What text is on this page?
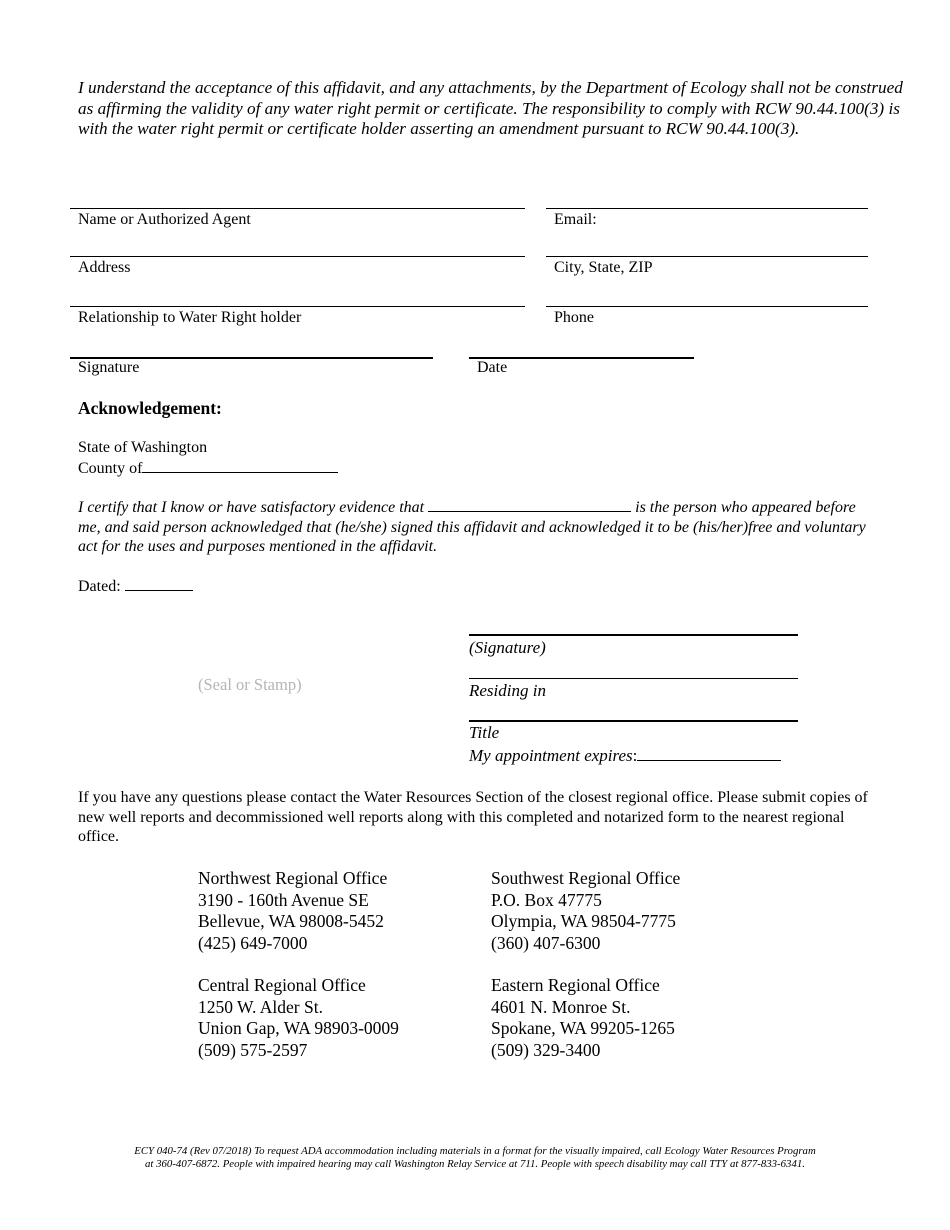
I understand the acceptance of this affidavit, and any attachments, by the Department of Ecology shall not be construed as affirming the validity of any water right permit or certificate. The responsibility to comply with RCW 90.44.100(3) is with the water right permit or certificate holder asserting an amendment pursuant to RCW 90.44.100(3).
Name or Authorized Agent	Email:
Address	City, State, ZIP
Relationship to Water Right holder	Phone
Signature	Date
Acknowledgement:
State of Washington
County of
I certify that I know or have satisfactory evidence that	is the person who appeared before me, and said person acknowledged that (he/she) signed this affidavit and acknowledged it to be (his/her)free and voluntary act for the uses and purposes mentioned in the affidavit.
Dated:
(Seal or Stamp)
(Signature)
Residing in
Title
My appointment expires:
If you have any questions please contact the Water Resources Section of the closest regional office. Please submit copies of new well reports and decommissioned well reports along with this completed and notarized form to the nearest regional office.
Northwest Regional Office
3190 - 160th Avenue SE
Bellevue, WA 98008-5452
(425) 649-7000
Southwest Regional Office
P.O. Box 47775
Olympia, WA 98504-7775
(360) 407-6300
Central Regional Office
1250 W. Alder St.
Union Gap, WA 98903-0009
(509) 575-2597
Eastern Regional Office
4601 N. Monroe St.
Spokane, WA 99205-1265
(509) 329-3400
ECY 040-74 (Rev 07/2018) To request ADA accommodation including materials in a format for the visually impaired, call Ecology Water Resources Program
at 360-407-6872. People with impaired hearing may call Washington Relay Service at 711. People with speech disability may call TTY at 877-833-6341.
